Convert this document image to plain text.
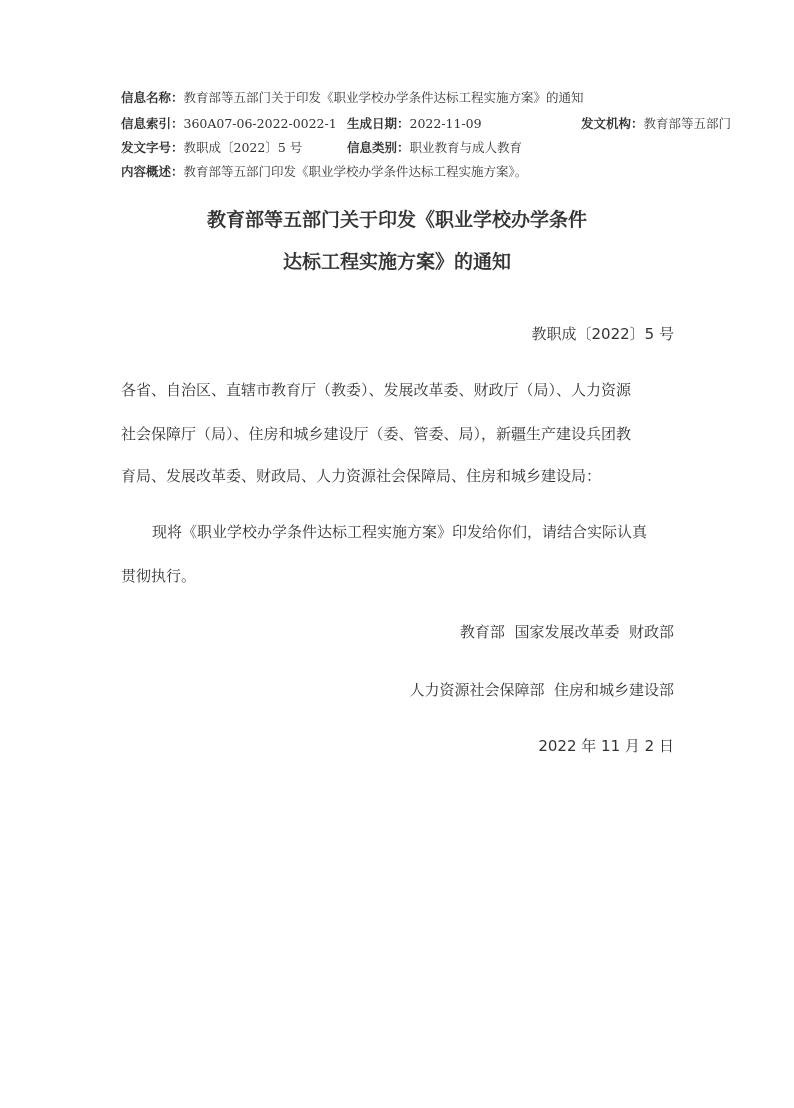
信息名称：教育部等五部门关于印发《职业学校办学条件达标工程实施方案》的通知
信息索引：360A07-06-2022-0022-1 生成日期：2022-11-09	发文机构：教育部等五部门
发文字号：教职成〔2022〕5 号	信息类别：职业教育与成人教育
内容概述：教育部等五部门印发《职业学校办学条件达标工程实施方案》。
教育部等五部门关于印发《职业学校办学条件
达标工程实施方案》的通知
教职成〔2022〕5 号
各省、自治区、直辖市教育厅（教委）、发展改革委、财政厅（局）、人力资源
社会保障厅（局）、住房和城乡建设厅（委、管委、局），新疆生产建设兵团教
育局、发展改革委、财政局、人力资源社会保障局、住房和城乡建设局：
现将《职业学校办学条件达标工程实施方案》印发给你们，请结合实际认真
贯彻执行。
教育部  国家发展改革委  财政部
人力资源社会保障部  住房和城乡建设部
2022 年 11 月 2 日
